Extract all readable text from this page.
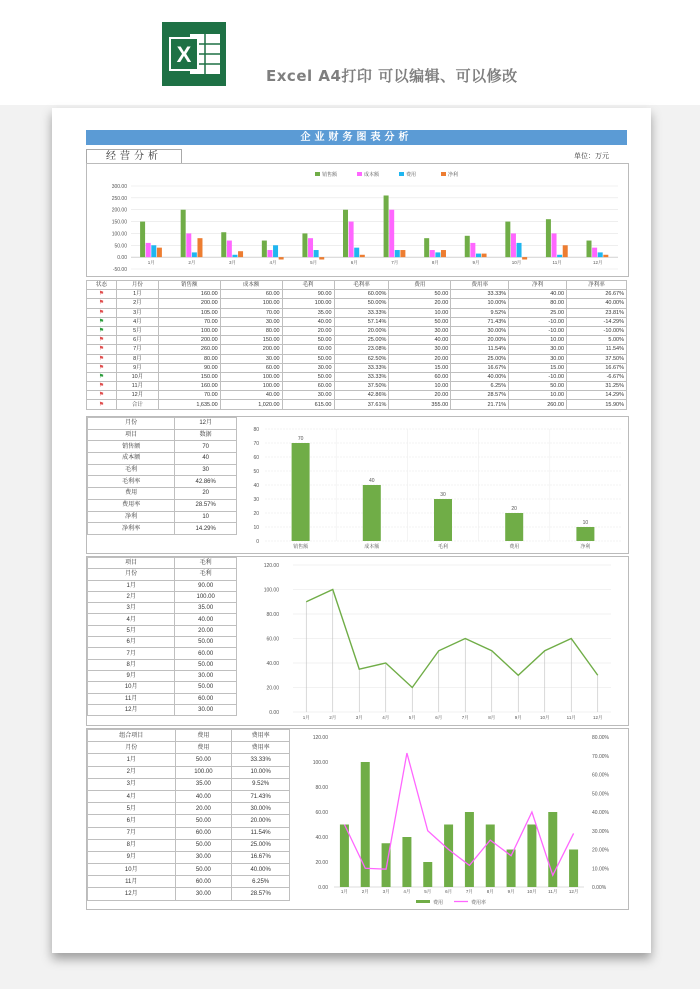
X
Excel A4打印 可以编辑、可以修改
企业财务图表分析
经营分析	单位：万元
销售额	成本额	费用	净利
300.00
250.00
200.00
150.00
100.00
50.00
0.00
-50.00
1月	2月	3月	4月	5月	6月	7月	8月	9月	10月	11月	12月
状态	月份	销售额	成本额	毛利	毛利率	费用	费用率	净利	净利率
⚑	1月	160.00	60.00	90.00	60.00%	50.00	33.33%	40.00	26.67%
⚑	2月	200.00	100.00	100.00	50.00%	20.00	10.00%	80.00	40.00%
⚑	3月	105.00	70.00	35.00	33.33%	10.00	9.52%	25.00	23.81%
⚑	4月	70.00	30.00	40.00	57.14%	50.00	71.43%	-10.00	-14.29%
⚑	5月	100.00	80.00	20.00	20.00%	30.00	30.00%	-10.00	-10.00%
⚑	6月	200.00	150.00	50.00	25.00%	40.00	20.00%	10.00	5.00%
⚑	7月	260.00	200.00	60.00	23.08%	30.00	11.54%	30.00	11.54%
⚑	8月	80.00	30.00	50.00	62.50%	20.00	25.00%	30.00	37.50%
⚑	9月	90.00	60.00	30.00	33.33%	15.00	16.67%	15.00	16.67%
⚑	10月	150.00	100.00	50.00	33.33%	60.00	40.00%	-10.00	-6.67%
⚑	11月	160.00	100.00	60.00	37.50%	10.00	6.25%	50.00	31.25%
⚑	12月	70.00	40.00	30.00	42.86%	20.00	28.57%	10.00	14.29%
⚑	合计	1,635.00	1,020.00	615.00	37.61%	355.00	21.71%	260.00	15.90%
月份	12月
项目	数据
销售额	70
成本额	40
毛利	30
毛利率	42.86%
费用	20
费用率	28.57%
净利	10
净利率	14.29%
0
10
20
30
40
50
60
70
80
70
销售额
40
成本额
30
毛利
20
费用
10
净利
项目	毛利
月份	毛利
1月	90.00
2月	100.00
3月	35.00
4月	40.00
5月	20.00
6月	50.00
7月	60.00
8月	50.00
9月	30.00
10月	50.00
11月	60.00
12月	30.00
120.00
100.00
80.00
60.00
40.00
20.00
0.00
1月	2月	3月	4月	5月	6月	7月	8月	9月	10月	11月	12月
组合项目	费用	费用率
月份	费用	费用率
1月	50.00	33.33%
2月	100.00	10.00%
3月	35.00	9.52%
4月	40.00	71.43%
5月	20.00	30.00%
6月	50.00	20.00%
7月	60.00	11.54%
8月	50.00	25.00%
9月	30.00	16.67%
10月	50.00	40.00%
11月	60.00	6.25%
12月	30.00	28.57%
120.00
100.00
80.00
60.00
40.00
20.00
0.00
80.00%
70.00%
60.00%
50.00%
40.00%
30.00%
20.00%
10.00%
0.00%
1月	2月	3月	4月	5月	6月	7月	8月	9月	10月	11月	12月
费用	费用率
